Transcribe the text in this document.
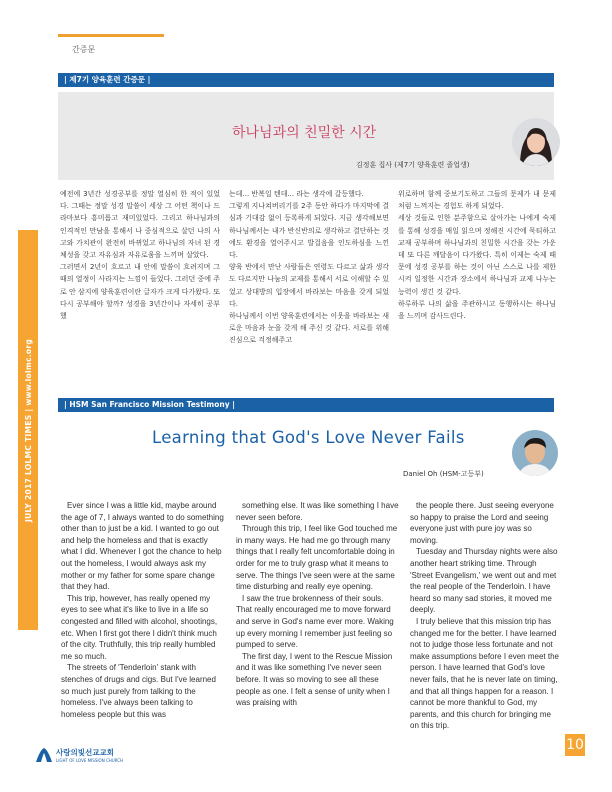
간증문
JULY 2017 LOLMC TIMES | www.lolmc.org
| 제7기 양육훈련 간증문 |
하나님과의 친밀한 시간
김정훈 집사 (제7기 양육훈련 졸업생)
예전에 3년간 성경공부를 정말 열심히 한 적이 있었다. 그때는 정말 성경 말씀이 세상 그 어떤 책이나 드라마보다 흥미롭고 재미있었다. 그리고 하나님과의 인격적인 만남을 통해서 나 중심적으로 살던 나의 사고와 가치관이 완전히 바뀌었고 하나님의 자녀 된 경체성을 갖고 자유심과 자유로움을 느끼며 살았다.
그러면서 2년이 흐르고 내 안에 말씀이 흐려지며 그때의 열정이 사라지는 느낌이 들었다. 그러던 중에 주로 안 삼지에 양육훈련이란 글자가 크게 다가왔다. 또다시 공부해야 할까? 성경을 3년간이나 자세히 공부했
는데... 반복일 텐데... 라는 생각에 갈등했다.
그렇게 지나쳐버리기를 2주 동안 하다가 마지막에 결심과 기대감 없이 등록하게 되었다. 지금 생각해보면 하나님께서는 내가 반신반의로 생각하고 결단하는 것에도 환경을 열어주시고 발걸음을 인도하심을 느낀다.
양육 반에서 만난 사람들은 연령도 다르고 삶과 생각도 다르지만 나눔의 교제를 통해서 서로 이해할 수 있었고 상대방의 입장에서 바라보는 마음을 갖게 되었다.
하나님께서 이번 양육훈련에서는 이웃을 바라보는 새로운 마음과 눈을 갖게 해 주신 것 같다. 서로를 위해 진심으로 걱정해주고
위로하며 함께 중보기도하고 그들의 문제가 내 문제처럼 느껴지는 경험도 하게 되었다.
세상 것들로 인한 분주함으로 살아가는 나에게 숙제를 통해 성경을 매일 읽으며 정해진 시간에 묵티하고 교재 공부하며 하나님과의 친밀한 시간을 갖는 가운데 또 다른 깨달음이 다가왔다. 특히 이제는 숙제 때문에 성경 공부를 하는 것이 아닌 스스로 나를 제한시켜 일정한 시간과 장소에서 하나님과 교제 나누는 능력이 생긴 것 같다.
하루하루 나의 삶을 주관하시고 동행하시는 하나님을 느끼며 감사드린다.
| HSM San Francisco Mission Testimony |
Learning that God's Love Never Fails
Daniel Oh (HSM-고등부)

Ever since I was a little kid, maybe around the age of 7, I always wanted to do something other than to just be a kid. I wanted to go out and help the homeless and that is exactly what I did. Whenever I got the chance to help out the homeless, I would always ask my mother or my father for some spare change that they had.

This trip, however, has really opened my eyes to see what it's like to live in a life so congested and filled with alcohol, shootings, etc. When I first got there I didn't think much of the city. Truthfully, this trip really humbled me so much.

The streets of 'Tenderloin' stank with stenches of drugs and cigs. But I've learned so much just purely from talking to the homeless. I've always been talking to homeless people but this was

something else. It was like something I have never seen before.

Through this trip, I feel like God touched me in many ways. He had me go through many things that I really felt uncomfortable doing in order for me to truly grasp what it means to serve. The things I've seen were at the same time disturbing and really eye opening.

I saw the true brokenness of their souls. That really encouraged me to move forward and serve in God's name ever more. Waking up every morning I remember just feeling so pumped to serve.

The first day, I went to the Rescue Mission and it was like something I've never seen before. It was so moving to see all these people as one. I felt a sense of unity when I was praising with

the people there. Just seeing everyone so happy to praise the Lord and seeing everyone just with pure joy was so moving.

Tuesday and Thursday nights were also another heart striking time. Through 'Street Evangelism,' we went out and met the real people of the Tenderloin. I have heard so many sad stories, it moved me deeply.

I truly believe that this mission trip has changed me for the better. I have learned not to judge those less fortunate and not make assumptions before I even meet the person. I have learned that God's love never fails, that he is never late on timing, and that all things happen for a reason. I cannot be more thankful to God, my parents, and this church for bringing me on this trip.

사랑의빛선교교회
LIGHT OF LOVE MISSION CHURCH
10
